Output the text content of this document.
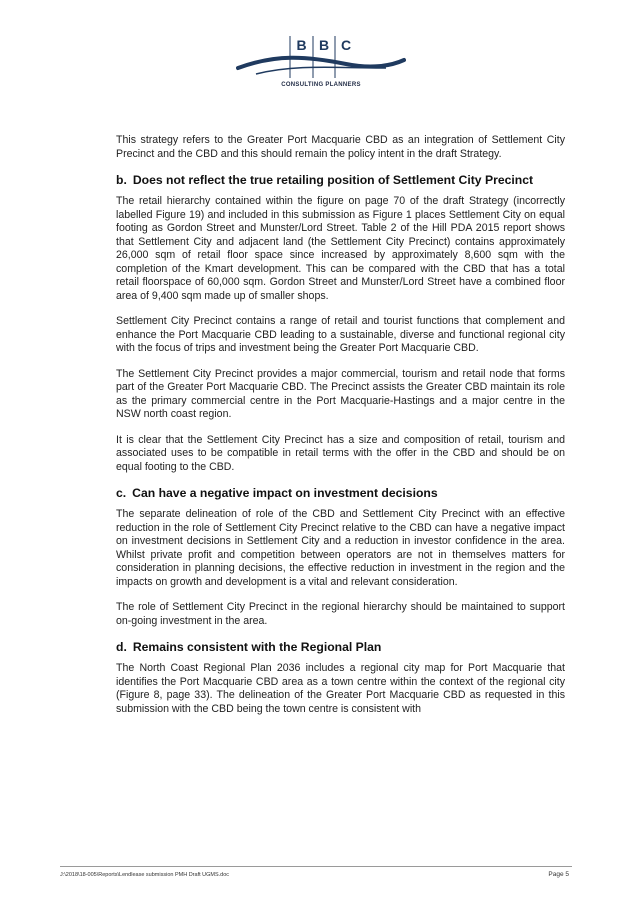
B B C
CONSULTING PLANNERS

This strategy refers to the Greater Port Macquarie CBD as an integration of Settlement City Precinct and the CBD and this should remain the policy intent in the draft Strategy.

b. Does not reflect the true retailing position of Settlement City Precinct

The retail hierarchy contained within the figure on page 70 of the draft Strategy (incorrectly labelled Figure 19) and included in this submission as Figure 1 places Settlement City on equal footing as Gordon Street and Munster/Lord Street. Table 2 of the Hill PDA 2015 report shows that Settlement City and adjacent land (the Settlement City Precinct) contains approximately 26,000 sqm of retail floor space since increased by approximately 8,600 sqm with the completion of the Kmart development. This can be compared with the CBD that has a total retail floorspace of 60,000 sqm. Gordon Street and Munster/Lord Street have a combined floor area of 9,400 sqm made up of smaller shops.

Settlement City Precinct contains a range of retail and tourist functions that complement and enhance the Port Macquarie CBD leading to a sustainable, diverse and functional regional city with the focus of trips and investment being the Greater Port Macquarie CBD.

The Settlement City Precinct provides a major commercial, tourism and retail node that forms part of the Greater Port Macquarie CBD. The Precinct assists the Greater CBD maintain its role as the primary commercial centre in the Port Macquarie-Hastings and a major centre in the NSW north coast region.

It is clear that the Settlement City Precinct has a size and composition of retail, tourism and associated uses to be compatible in retail terms with the offer in the CBD and should be on equal footing to the CBD.

c. Can have a negative impact on investment decisions

The separate delineation of role of the CBD and Settlement City Precinct with an effective reduction in the role of Settlement City Precinct relative to the CBD can have a negative impact on investment decisions in Settlement City and a reduction in investor confidence in the area. Whilst private profit and competition between operators are not in themselves matters for consideration in planning decisions, the effective reduction in investment in the region and the impacts on growth and development is a vital and relevant consideration.

The role of Settlement City Precinct in the regional hierarchy should be maintained to support on-going investment in the area.

d. Remains consistent with the Regional Plan

The North Coast Regional Plan 2036 includes a regional city map for Port Macquarie that identifies the Port Macquarie CBD area as a town centre within the context of the regional city (Figure 8, page 33). The delineation of the Greater Port Macquarie CBD as requested in this submission with the CBD being the town centre is consistent with

J:\2018\18-005\Reports\Lendlease submission PMH Draft UGMS.doc	Page 5
